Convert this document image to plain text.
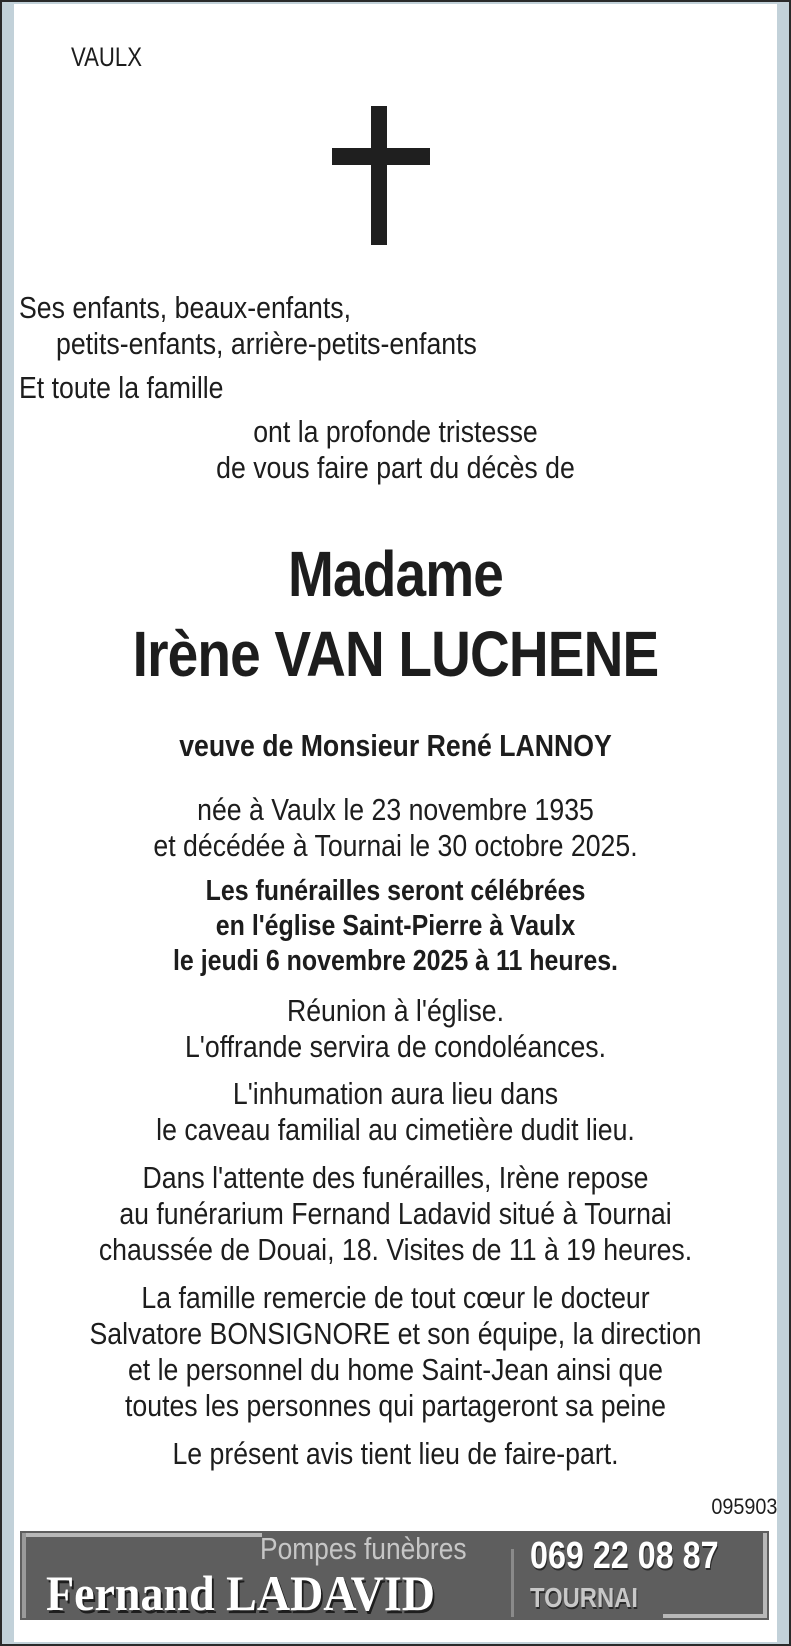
VAULX
Ses enfants, beaux-enfants,
petits-enfants, arrière-petits-enfants
Et toute la famille
ont la profonde tristesse
de vous faire part du décès de
Madame
Irène VAN LUCHENE
veuve de Monsieur René LANNOY
née à Vaulx le 23 novembre 1935
et décédée à Tournai le 30 octobre 2025.
Les funérailles seront célébrées
en l'église Saint-Pierre à Vaulx
le jeudi 6 novembre 2025 à 11 heures.
Réunion à l'église.
L'offrande servira de condoléances.
L'inhumation aura lieu dans
le caveau familial au cimetière dudit lieu.
Dans l'attente des funérailles, Irène repose
au funérarium Fernand Ladavid situé à Tournai
chaussée de Douai, 18. Visites de 11 à 19 heures.
La famille remercie de tout cœur le docteur
Salvatore BONSIGNORE et son équipe, la direction
et le personnel du home Saint-Jean ainsi que
toutes les personnes qui partageront sa peine
Le présent avis tient lieu de faire-part.
095903
Pompes funèbres
Fernand LADAVID
069 22 08 87
TOURNAI
